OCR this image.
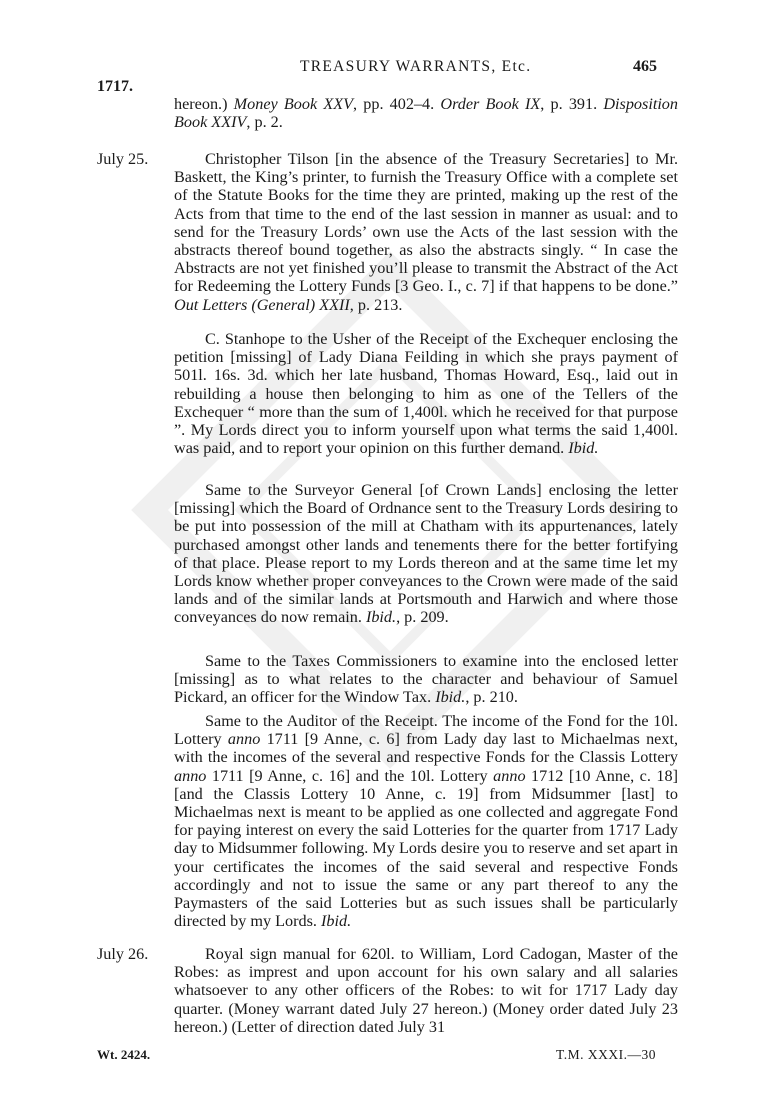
1717.
TREASURY WARRANTS, Etc.	465
hereon.) Money Book XXV, pp. 402–4. Order Book IX, p. 391. Disposition Book XXIV, p. 2.
July 25.	Christopher Tilson [in the absence of the Treasury Secretaries] to Mr. Baskett, the King’s printer, to furnish the Treasury Office with a complete set of the Statute Books for the time they are printed, making up the rest of the Acts from that time to the end of the last session in manner as usual: and to send for the Treasury Lords’ own use the Acts of the last session with the abstracts thereof bound together, as also the abstracts singly. “ In case the Abstracts are not yet finished you’ll please to transmit the Abstract of the Act for Redeeming the Lottery Funds [3 Geo. I., c. 7] if that happens to be done.” Out Letters (General) XXII, p. 213.
C. Stanhope to the Usher of the Receipt of the Exchequer enclosing the petition [missing] of Lady Diana Feilding in which she prays payment of 501l. 16s. 3d. which her late husband, Thomas Howard, Esq., laid out in rebuilding a house then belonging to him as one of the Tellers of the Exchequer “ more than the sum of 1,400l. which he received for that purpose ”. My Lords direct you to inform yourself upon what terms the said 1,400l. was paid, and to report your opinion on this further demand. Ibid.
Same to the Surveyor General [of Crown Lands] enclosing the letter [missing] which the Board of Ordnance sent to the Treasury Lords desiring to be put into possession of the mill at Chatham with its appurtenances, lately purchased amongst other lands and tenements there for the better fortifying of that place. Please report to my Lords thereon and at the same time let my Lords know whether proper conveyances to the Crown were made of the said lands and of the similar lands at Portsmouth and Harwich and where those conveyances do now remain. Ibid., p. 209.
Same to the Taxes Commissioners to examine into the enclosed letter [missing] as to what relates to the character and behaviour of Samuel Pickard, an officer for the Window Tax. Ibid., p. 210.
Same to the Auditor of the Receipt. The income of the Fond for the 10l. Lottery anno 1711 [9 Anne, c. 6] from Lady day last to Michaelmas next, with the incomes of the several and respective Fonds for the Classis Lottery anno 1711 [9 Anne, c. 16] and the 10l. Lottery anno 1712 [10 Anne, c. 18] [and the Classis Lottery 10 Anne, c. 19] from Midsummer [last] to Michaelmas next is meant to be applied as one collected and aggregate Fond for paying interest on every the said Lotteries for the quarter from 1717 Lady day to Midsummer following. My Lords desire you to reserve and set apart in your certificates the incomes of the said several and respective Fonds accordingly and not to issue the same or any part thereof to any the Paymasters of the said Lotteries but as such issues shall be particularly directed by my Lords. Ibid.
July 26.	Royal sign manual for 620l. to William, Lord Cadogan, Master of the Robes: as imprest and upon account for his own salary and all salaries whatsoever to any other officers of the Robes: to wit for 1717 Lady day quarter. (Money warrant dated July 27 hereon.) (Money order dated July 23 hereon.) (Letter of direction dated July 31
Wt. 2424.	T.M. XXXI.—30
